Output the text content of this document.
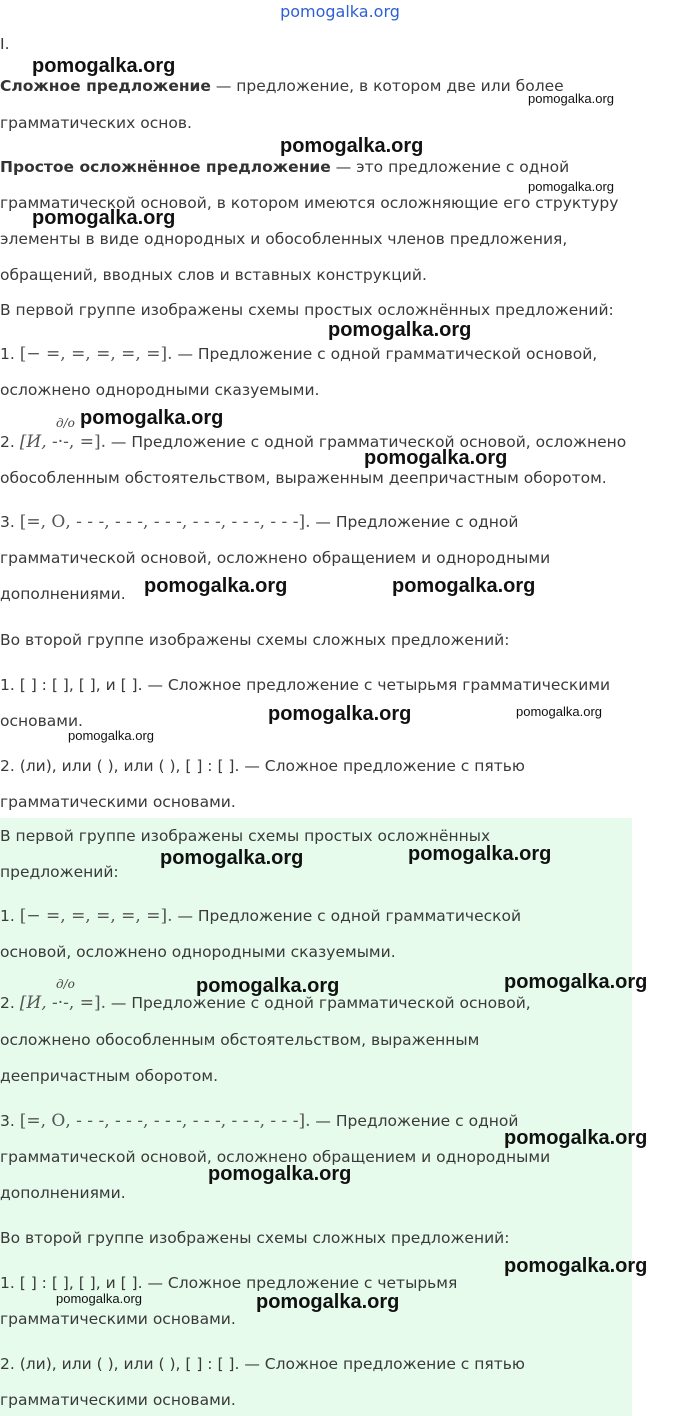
pomogalka.org
I.
Сложное предложение — предложение, в котором две или более
грамматических основ.
Простое осложнённое предложение — это предложение с одной
грамматической основой, в котором имеются осложняющие его структуру
элементы в виде однородных и обособленных членов предложения,
обращений, вводных слов и вставных конструкций.
В первой группе изображены схемы простых осложнённых предложений:
1. [− =, =, =, =, =]. — Предложение с одной грамматической основой,
осложнено однородными сказуемыми.
д/о
2. [И, -·-, =]. — Предложение с одной грамматической основой, осложнено
обособленным обстоятельством, выраженным деепричастным оборотом.
3. [=, О, - - -, - - -, - - -, - - -, - - -, - - -]. — Предложение с одной
грамматической основой, осложнено обращением и однородными
дополнениями.
Во второй группе изображены схемы сложных предложений:
1. [ ] : [ ], [ ], и [ ]. — Сложное предложение с четырьмя грамматическими
основами.
2. (ли), или ( ), или ( ), [ ] : [ ]. — Сложное предложение с пятью
грамматическими основами.
В первой группе изображены схемы простых осложнённых
предложений:
1. [− =, =, =, =, =]. — Предложение с одной грамматической
основой, осложнено однородными сказуемыми.
д/о
2. [И, -·-, =]. — Предложение с одной грамматической основой,
осложнено обособленным обстоятельством, выраженным
деепричастным оборотом.
3. [=, О, - - -, - - -, - - -, - - -, - - -, - - -]. — Предложение с одной
грамматической основой, осложнено обращением и однородными
дополнениями.
Во второй группе изображены схемы сложных предложений:
1. [ ] : [ ], [ ], и [ ]. — Сложное предложение с четырьмя
грамматическими основами.
2. (ли), или ( ), или ( ), [ ] : [ ]. — Сложное предложение с пятью
грамматическими основами.
pomogalka.org
pomogalka.org
pomogalka.org
pomogalka.org
pomogalka.org
pomogalka.org
pomogalka.org
pomogalka.org
pomogalka.org	pomogalka.org
pomogalka.org	pomogalka.org
pomogalka.org
pomogalka.org	pomogalka.org
pomogalka.org	pomogalka.org
pomogalka.org
pomogalka.org
pomogalka.org
pomogalka.org	pomogalka.org
